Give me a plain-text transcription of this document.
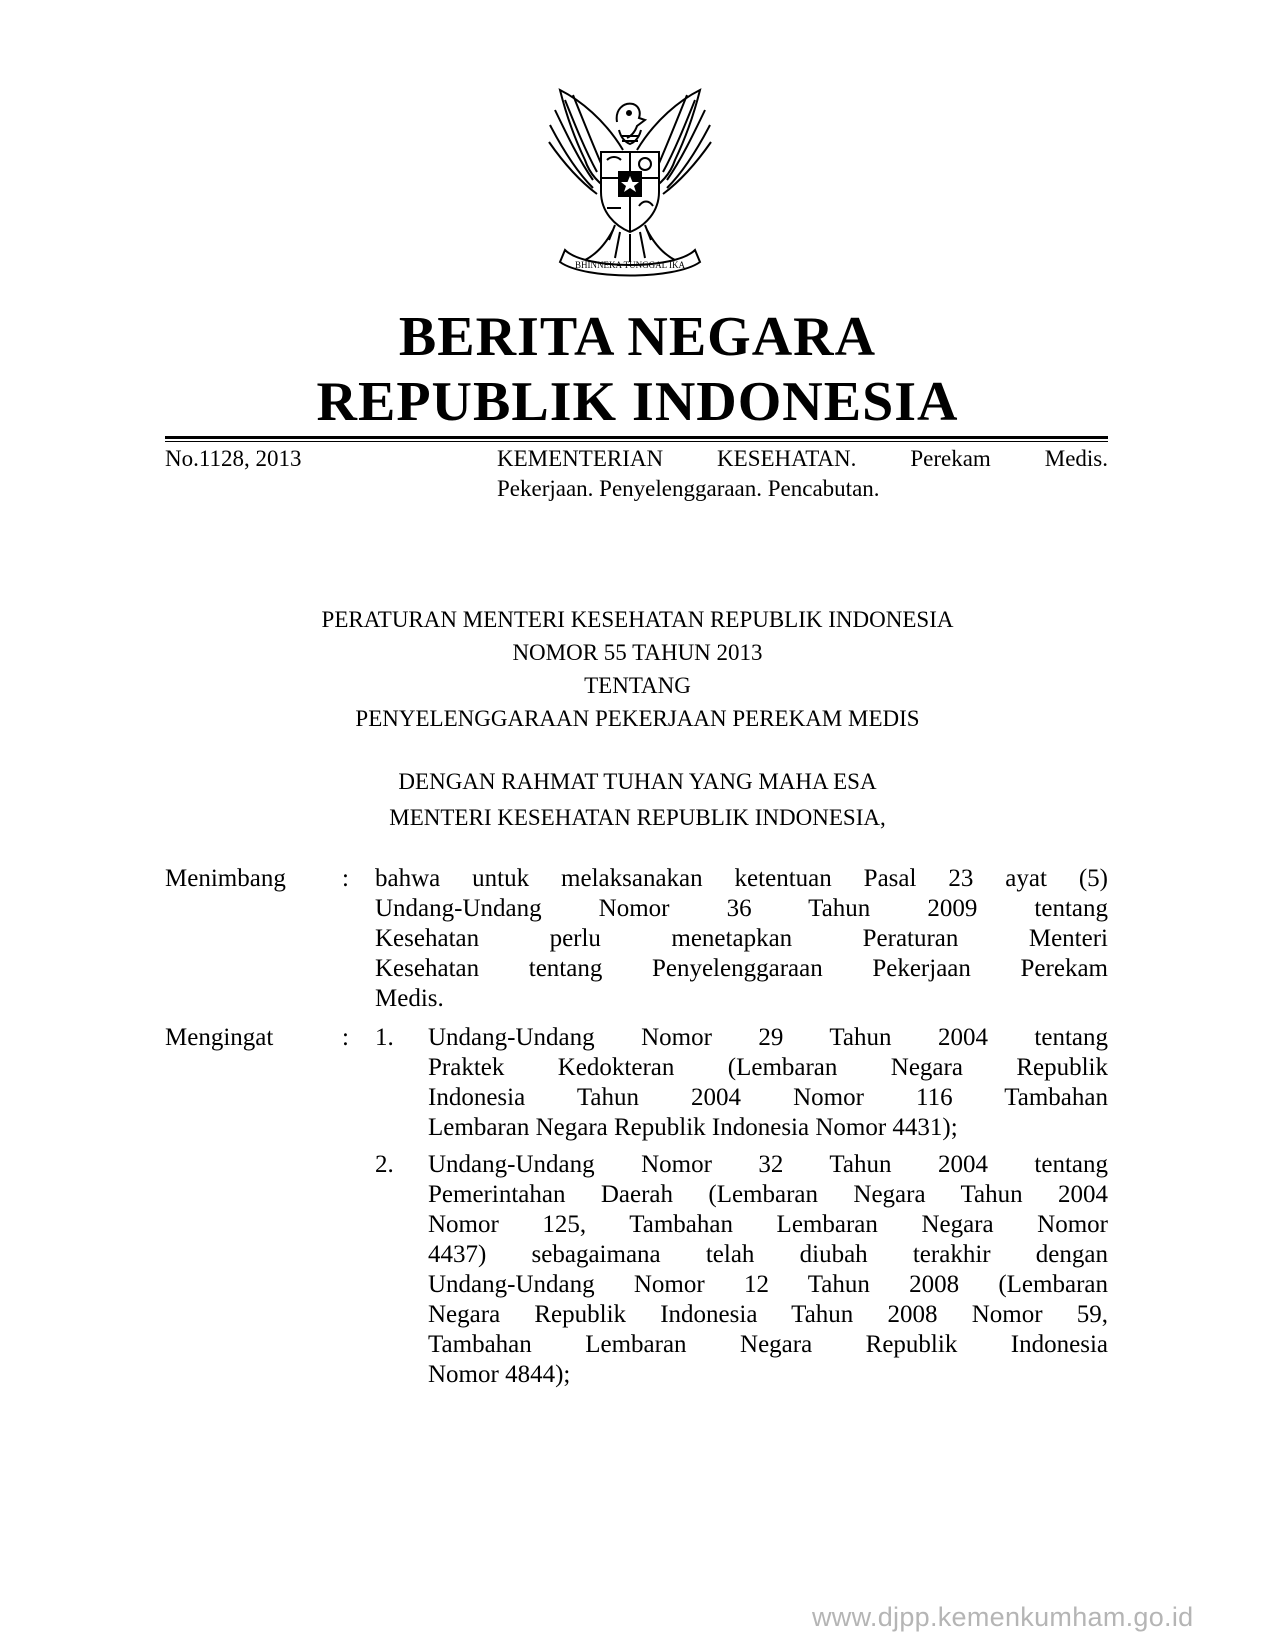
BHINNEKA TUNGGAL IKA
BERITA NEGARA
REPUBLIK INDONESIA
No.1128, 2013	KEMENTERIAN KESEHATAN. Perekam Medis.
Pekerjaan. Penyelenggaraan. Pencabutan.
PERATURAN MENTERI KESEHATAN REPUBLIK INDONESIA
NOMOR 55 TAHUN 2013
TENTANG
PENYELENGGARAAN PEKERJAAN PEREKAM MEDIS
DENGAN RAHMAT TUHAN YANG MAHA ESA
MENTERI KESEHATAN REPUBLIK INDONESIA,
Menimbang : bahwa untuk melaksanakan ketentuan Pasal 23 ayat (5)
Undang-Undang Nomor 36 Tahun 2009 tentang
Kesehatan perlu menetapkan Peraturan Menteri
Kesehatan tentang Penyelenggaraan Pekerjaan Perekam
Medis.
Mengingat	: 1. Undang-Undang Nomor 29 Tahun 2004 tentang
Praktek Kedokteran (Lembaran Negara Republik
Indonesia Tahun 2004 Nomor 116 Tambahan
Lembaran Negara Republik Indonesia Nomor 4431);
2. Undang-Undang Nomor 32 Tahun 2004 tentang
Pemerintahan Daerah (Lembaran Negara Tahun 2004
Nomor 125, Tambahan Lembaran Negara Nomor
4437) sebagaimana telah diubah terakhir dengan
Undang-Undang Nomor 12 Tahun 2008 (Lembaran
Negara Republik Indonesia Tahun 2008 Nomor 59,
Tambahan Lembaran Negara Republik Indonesia
Nomor 4844);
www.djpp.kemenkumham.go.id
